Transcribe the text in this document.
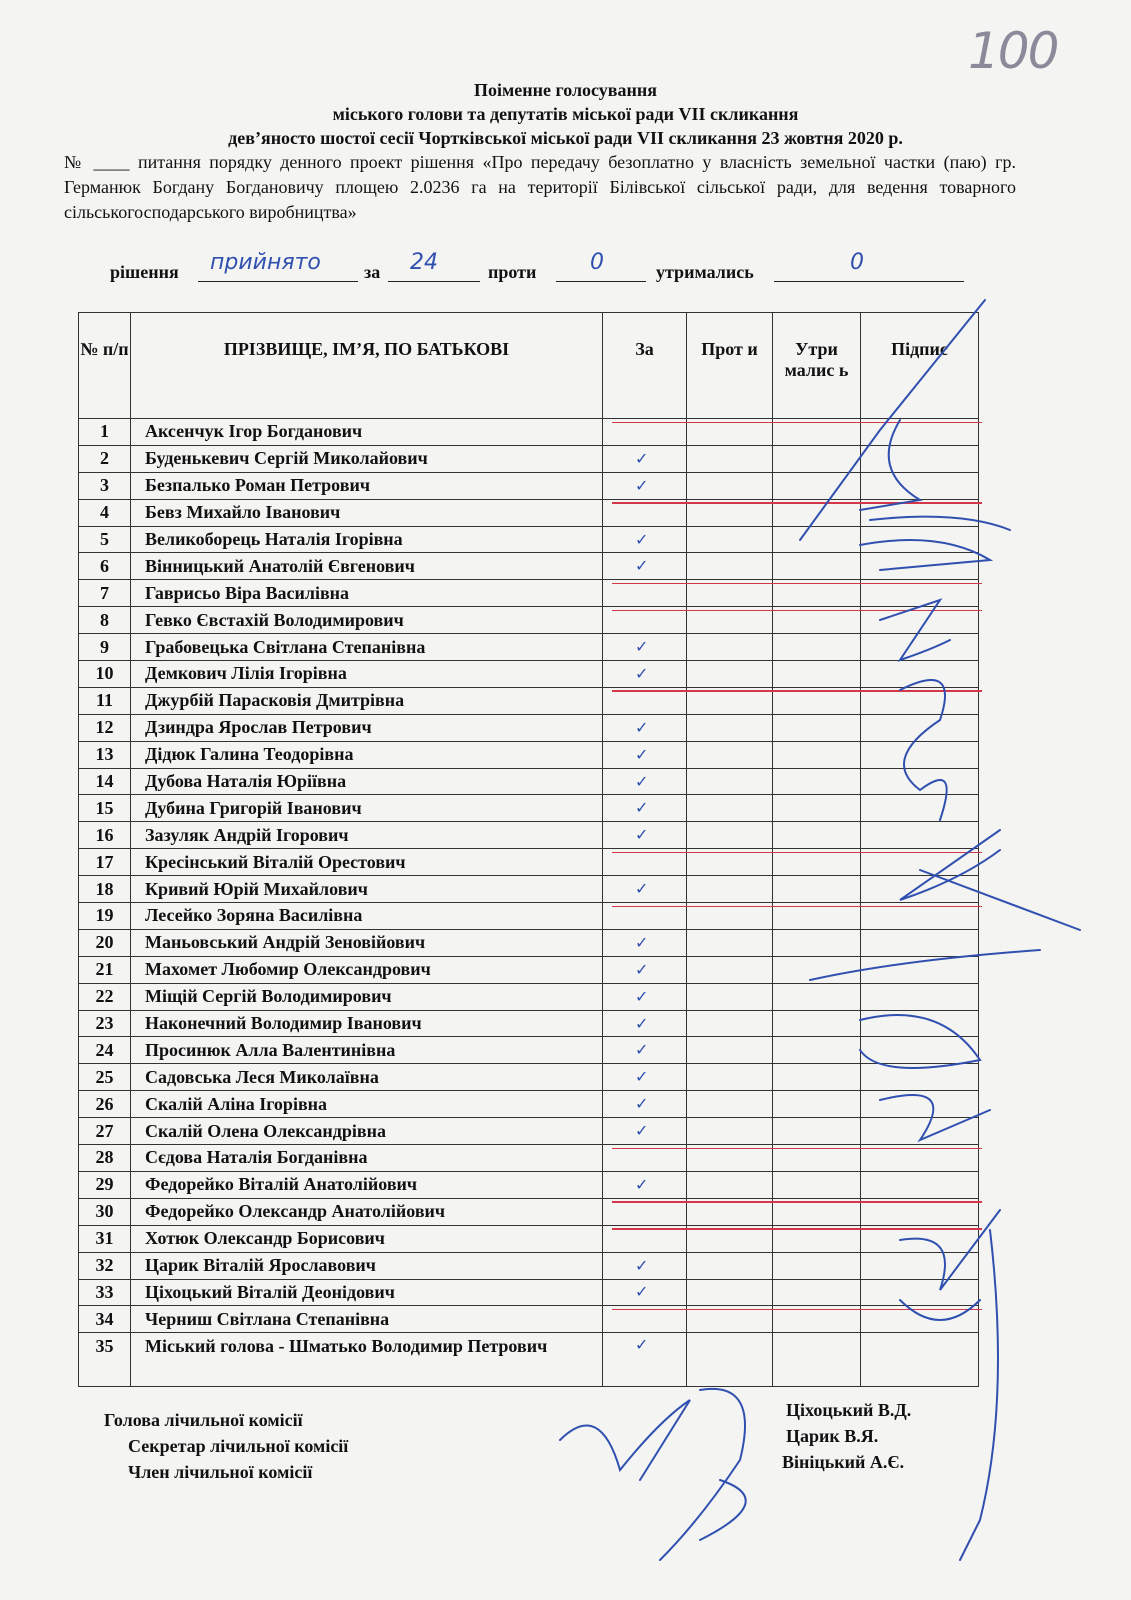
100
Поіменне голосування
міського голови та депутатів міської ради VII скликання
дев’яносто шостої сесії Чортківської міської ради VII скликання 23 жовтня 2020 р.
№ ____ питання порядку денного проект рішення «Про передачу безоплатно у власність земельної частки (паю) гр. Германюк Богдану Богдановичу площею 2.0236 га на території Білівської сільської ради, для ведення товарного сільськогосподарського виробництва»
рішення прийнято за 24	проти 0	утримались	0
№ п/п	ПРІЗВИЩЕ, ІМ’Я, ПО БАТЬКОВІ	За	Прот и	Утри малис ь	Підпис
1	Аксенчук Ігор Богданович				
2	Буденькевич Сергій Миколайович	✓			
3	Безпалько Роман Петрович	✓			
4	Бевз Михайло Іванович				
5	Великоборець Наталія Ігорівна	✓			
6	Вінницький Анатолій Євгенович	✓			
7	Гаврисьо Віра Василівна				
8	Гевко Євстахій Володимирович				
9	Грабовецька Світлана Степанівна	✓			
10	Демкович Лілія Ігорівна	✓			
11	Джурбій Парасковія Дмитрівна				
12	Дзиндра Ярослав Петрович	✓			
13	Дідюк Галина Теодорівна	✓			
14	Дубова Наталія Юріївна	✓			
15	Дубина Григорій Іванович	✓			
16	Зазуляк Андрій Ігорович	✓			
17	Кресінський Віталій Орестович				
18	Кривий Юрій Михайлович	✓			
19	Лесейко Зоряна Василівна				
20	Маньовський Андрій Зеновійович	✓			
21	Махомет Любомир Олександрович	✓			
22	Міщій Сергій Володимирович	✓			
23	Наконечний Володимир Іванович	✓			
24	Просинюк Алла Валентинівна	✓			
25	Садовська Леся Миколаївна	✓			
26	Скалій Аліна Ігорівна	✓			
27	Скалій Олена Олександрівна	✓			
28	Сєдова Наталія Богданівна				
29	Федорейко Віталій Анатолійович	✓			
30	Федорейко Олександр Анатолійович				
31	Хотюк Олександр Борисович				
32	Царик Віталій Ярославович	✓			
33	Ціхоцький Віталій Деонідович	✓			
34	Черниш Світлана Степанівна				
35	Міський голова - Шматько Володимир Петрович	✓			
Голова лічильної комісії
Секретар лічильної комісії
Член лічильної комісії
Ціхоцький В.Д.
Царик В.Я.
Вініцький А.Є.
